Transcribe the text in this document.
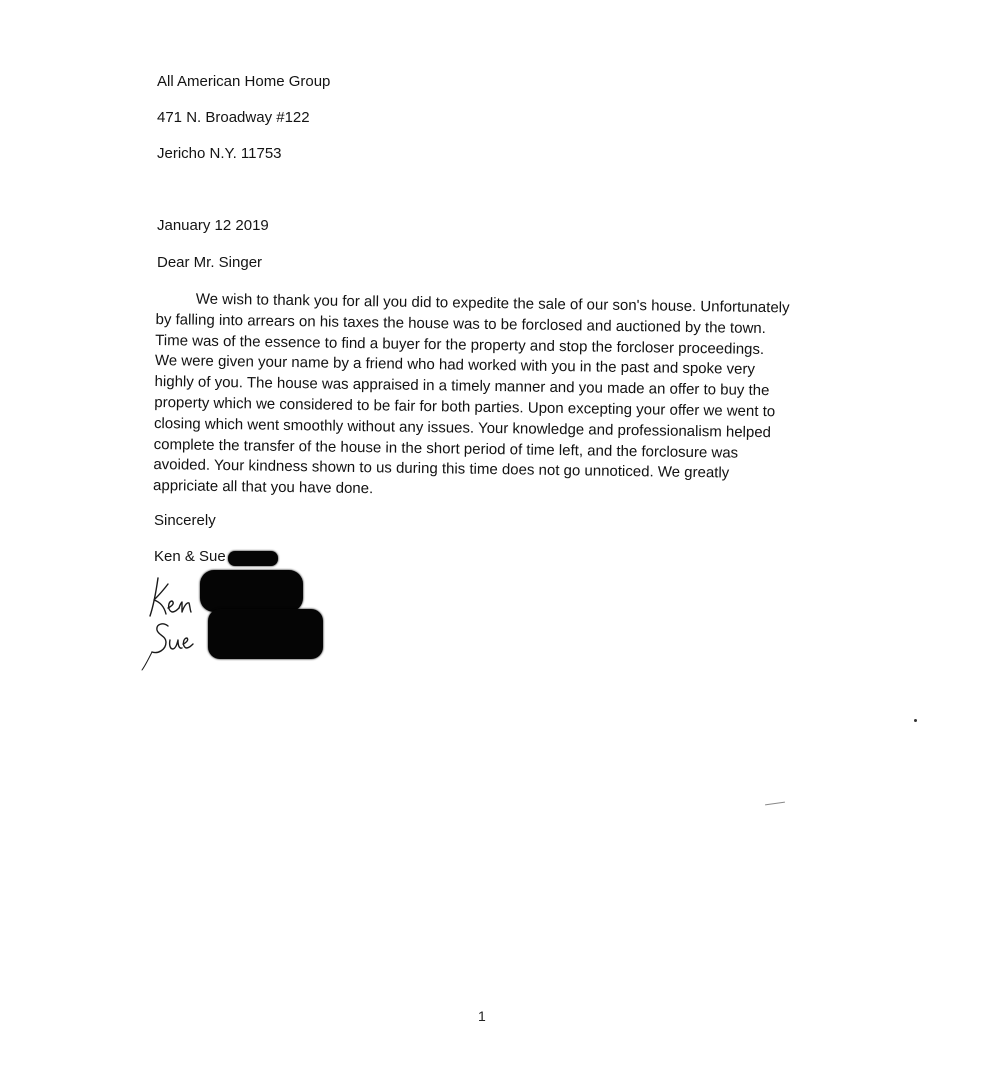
All American Home Group
471 N. Broadway #122
Jericho N.Y. 11753
January 12 2019
Dear Mr. Singer
We wish to thank you for all you did to expedite the sale of our son's house. Unfortunately
by falling into arrears on his taxes the house was to be forclosed and auctioned by the town.
Time was of the essence to find a buyer for the property and stop the forcloser proceedings.
We were given your name by a friend who had worked with you in the past and spoke very
highly of you. The house was appraised in a timely manner and you made an offer to buy the
property which we considered to be fair for both parties. Upon excepting your offer we went to
closing which went smoothly without any issues. Your knowledge and professionalism helped
complete the transfer of the house in the short period of time left, and the forclosure was
avoided. Your kindness shown to us during this time does not go unnoticed. We greatly
appriciate all that you have done.
Sincerely
Ken & Sue
1
